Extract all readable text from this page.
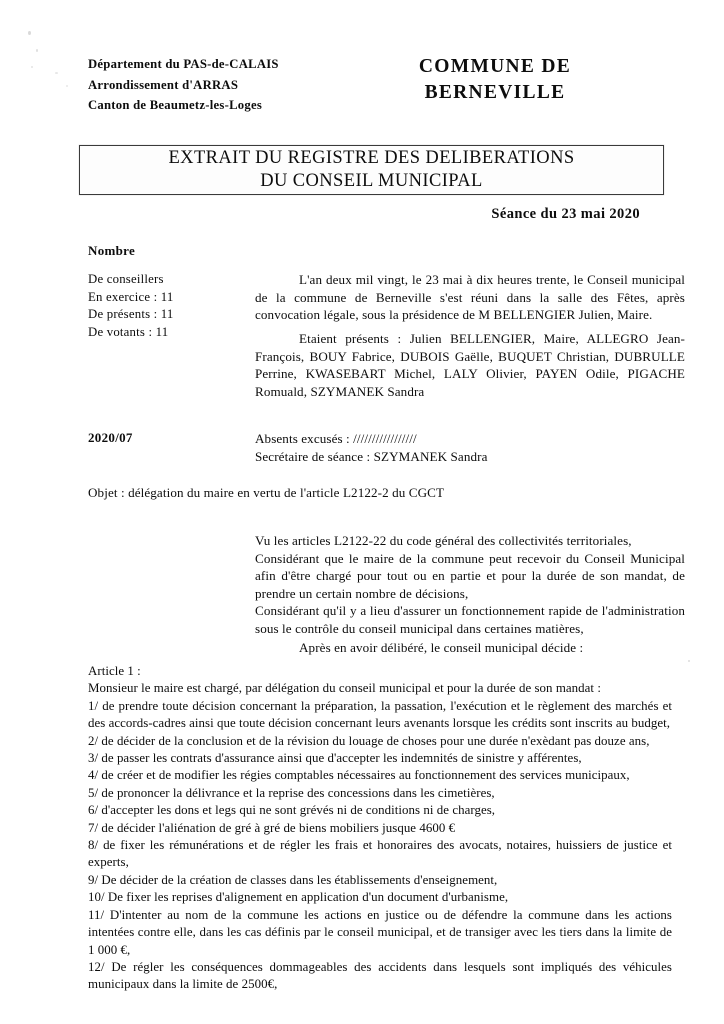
Département du PAS-de-CALAIS
Arrondissement d'ARRAS
Canton de Beaumetz-les-Loges
COMMUNE DE
BERNEVILLE
EXTRAIT DU REGISTRE DES DELIBERATIONS
DU CONSEIL MUNICIPAL
Séance du 23 mai 2020
Nombre
De conseillers
En exercice : 11
De présents : 11
De votants : 11
2020/07

L'an deux mil vingt, le 23 mai à dix heures trente, le Conseil municipal de la commune de Berneville s'est réuni dans la salle des Fêtes, après convocation légale, sous la présidence de M BELLENGIER Julien, Maire.

Etaient présents : Julien BELLENGIER, Maire, ALLEGRO Jean-François, BOUY Fabrice, DUBOIS Gaëlle, BUQUET Christian, DUBRULLE Perrine, KWASEBART Michel, LALY Olivier, PAYEN Odile, PIGACHE Romuald, SZYMANEK Sandra

Absents excusés : /////////////////

Secrétaire de séance : SZYMANEK Sandra

Objet : délégation du maire en vertu de l'article L2122-2 du CGCT

Vu les articles L2122-22 du code général des collectivités territoriales,

Considérant que le maire de la commune peut recevoir du Conseil Municipal afin d'être chargé pour tout ou en partie et pour la durée de son mandat, de prendre un certain nombre de décisions,

Considérant qu'il y a lieu d'assurer un fonctionnement rapide de l'administration sous le contrôle du conseil municipal dans certaines matières,

Après en avoir délibéré, le conseil municipal décide :

Article 1 :

Monsieur le maire est chargé, par délégation du conseil municipal et pour la durée de son mandat :

1/ de prendre toute décision concernant la préparation, la passation, l'exécution et le règlement des marchés et des accords-cadres ainsi que toute décision concernant leurs avenants lorsque les crédits sont inscrits au budget,

2/ de décider de la conclusion et de la révision du louage de choses pour une durée n'exèdant pas douze ans,

3/ de passer les contrats d'assurance ainsi que d'accepter les indemnités de sinistre y afférentes,

4/ de créer et de modifier les régies comptables nécessaires au fonctionnement des services municipaux,

5/ de prononcer la délivrance et la reprise des concessions dans les cimetières,

6/ d'accepter les dons et legs qui ne sont grévés ni de conditions ni de charges,

7/ de décider l'aliénation de gré à gré de biens mobiliers jusque 4600 €

8/ de fixer les rémunérations et de régler les frais et honoraires des avocats, notaires, huissiers de justice et experts,

9/ De décider de la création de classes dans les établissements d'enseignement,

10/ De fixer les reprises d'alignement en application d'un document d'urbanisme,

11/ D'intenter au nom de la commune les actions en justice ou de défendre la commune dans les actions intentées contre elle, dans les cas définis par le conseil municipal, et de transiger avec les tiers dans la limite de 1 000 €,

12/ De régler les conséquences dommageables des accidents dans lesquels sont impliqués des véhicules municipaux dans la limite de 2500€,
